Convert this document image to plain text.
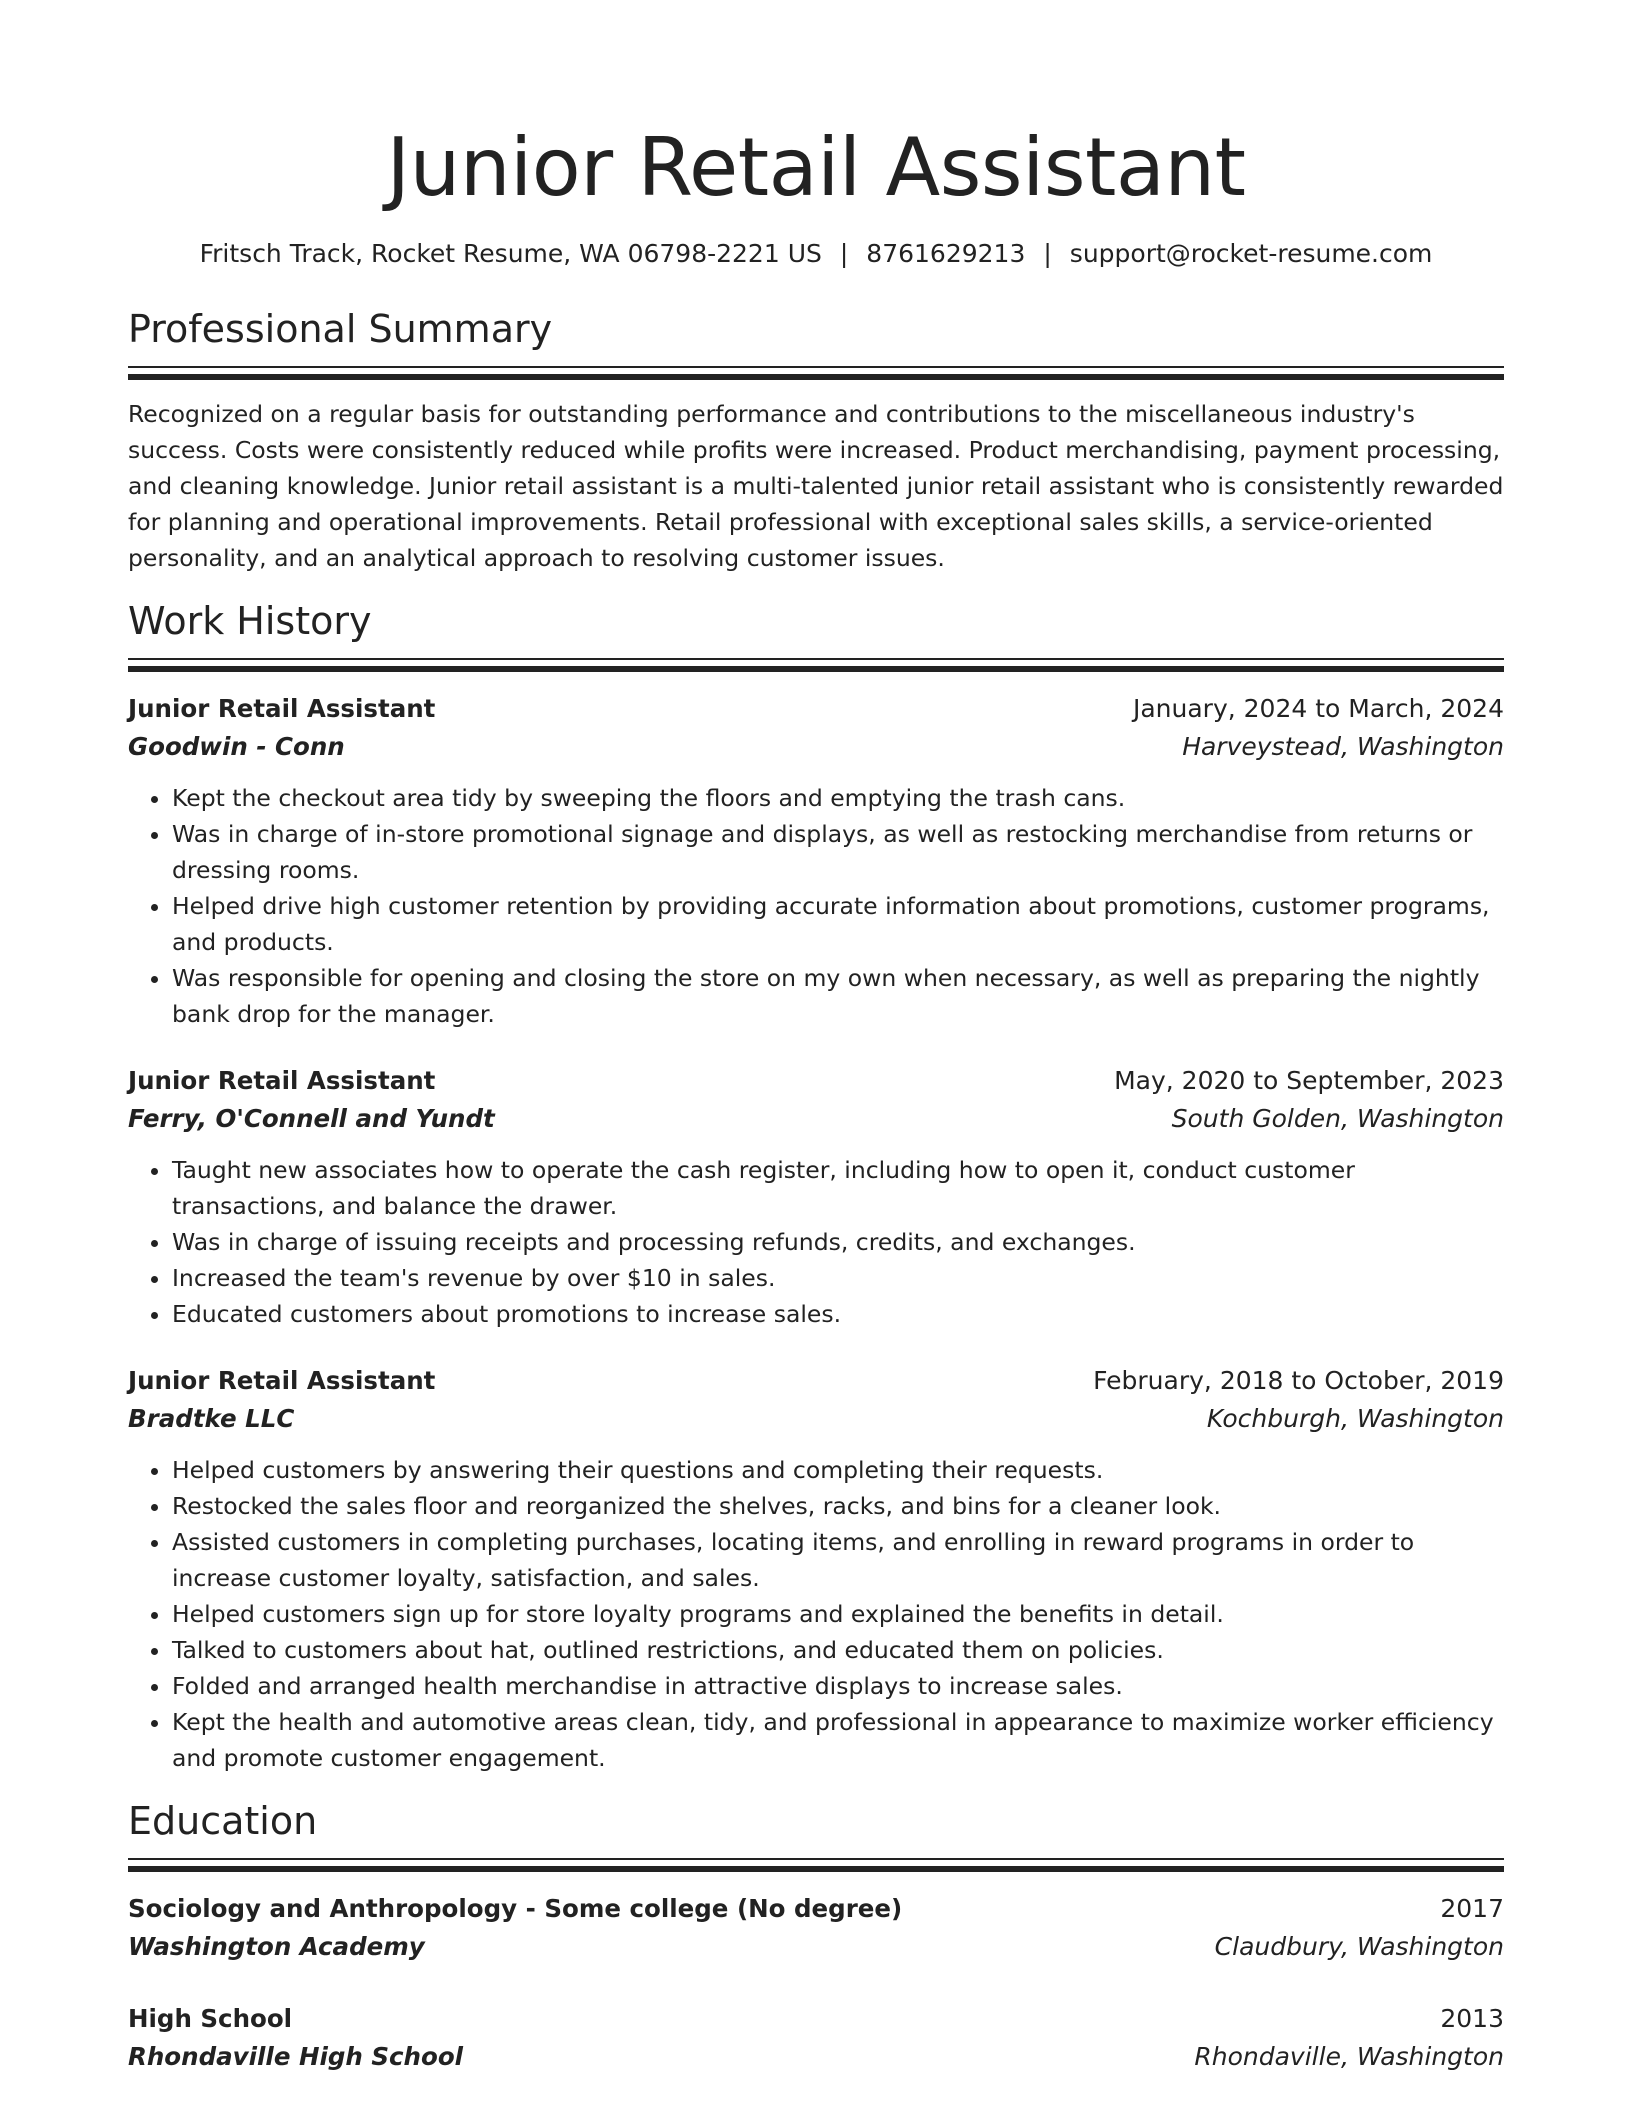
Junior Retail Assistant
Fritsch Track, Rocket Resume, WA 06798-2221 US | 8761629213 | support@rocket-resume.com
Professional Summary
Recognized on a regular basis for outstanding performance and contributions to the miscellaneous industry's success. Costs were consistently reduced while profits were increased. Product merchandising, payment processing, and cleaning knowledge. Junior retail assistant is a multi-talented junior retail assistant who is consistently rewarded for planning and operational improvements. Retail professional with exceptional sales skills, a service-oriented personality, and an analytical approach to resolving customer issues.
Work History
Junior Retail Assistant	January, 2024 to March, 2024
Goodwin - Conn	Harveystead, Washington
• Kept the checkout area tidy by sweeping the floors and emptying the trash cans.
• Was in charge of in-store promotional signage and displays, as well as restocking merchandise from returns or dressing rooms.
• Helped drive high customer retention by providing accurate information about promotions, customer programs, and products.
• Was responsible for opening and closing the store on my own when necessary, as well as preparing the nightly bank drop for the manager.
Junior Retail Assistant	May, 2020 to September, 2023
Ferry, O'Connell and Yundt	South Golden, Washington
• Taught new associates how to operate the cash register, including how to open it, conduct customer transactions, and balance the drawer.
• Was in charge of issuing receipts and processing refunds, credits, and exchanges.
• Increased the team's revenue by over $10 in sales.
• Educated customers about promotions to increase sales.
Junior Retail Assistant	February, 2018 to October, 2019
Bradtke LLC	Kochburgh, Washington
• Helped customers by answering their questions and completing their requests.
• Restocked the sales floor and reorganized the shelves, racks, and bins for a cleaner look.
• Assisted customers in completing purchases, locating items, and enrolling in reward programs in order to increase customer loyalty, satisfaction, and sales.
• Helped customers sign up for store loyalty programs and explained the benefits in detail.
• Talked to customers about hat, outlined restrictions, and educated them on policies.
• Folded and arranged health merchandise in attractive displays to increase sales.
• Kept the health and automotive areas clean, tidy, and professional in appearance to maximize worker efficiency and promote customer engagement.
Education
Sociology and Anthropology - Some college (No degree)	2017
Washington Academy	Claudbury, Washington
High School	2013
Rhondaville High School	Rhondaville, Washington
